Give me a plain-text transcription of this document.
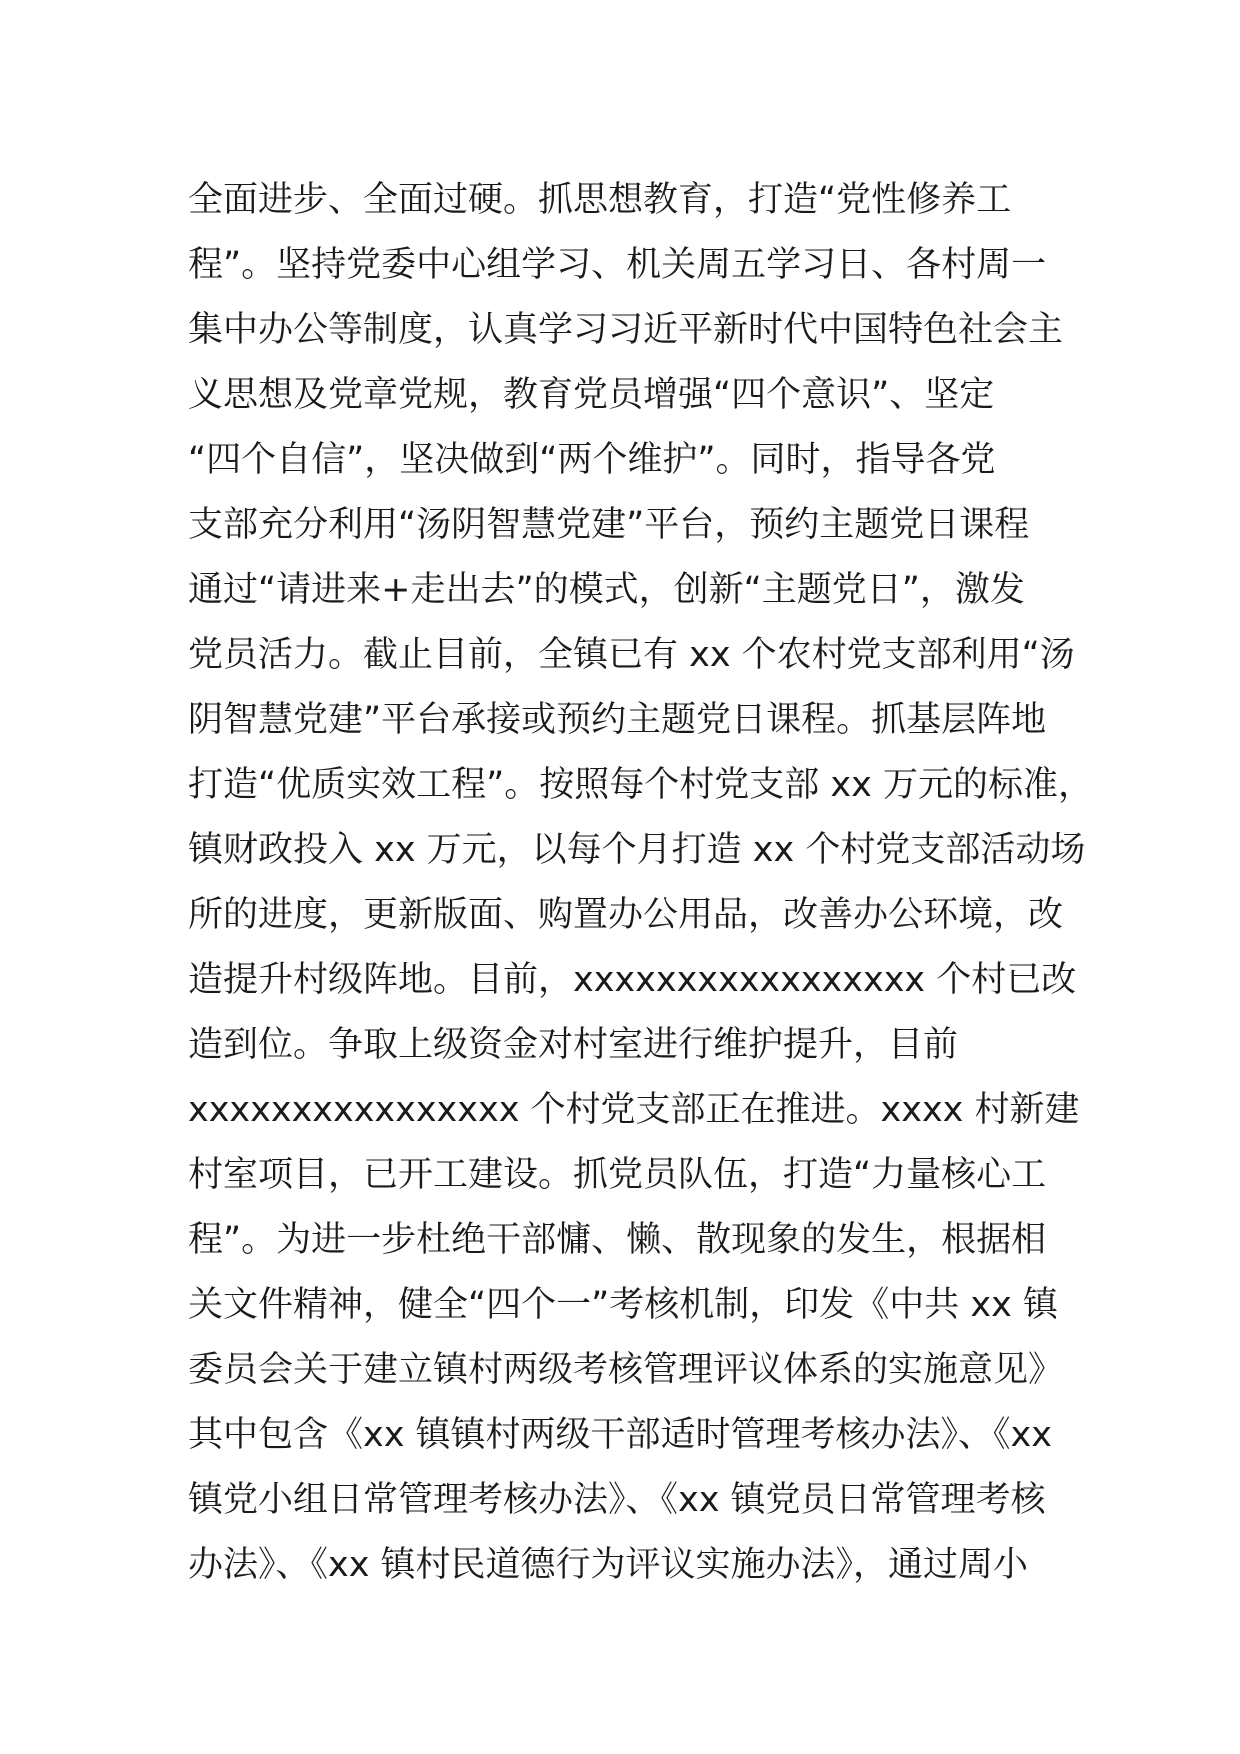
全面进步、全面过硬。抓思想教育，打造“党性修养工
程”。坚持党委中心组学习、机关周五学习日、各村周一
集中办公等制度，认真学习习近平新时代中国特色社会主
义思想及党章党规，教育党员增强“四个意识”、坚定
“四个自信”，坚决做到“两个维护”。同时，指导各党
支部充分利用“汤阴智慧党建”平台，预约主题党日课程
通过“请进来+走出去”的模式，创新“主题党日”，激发
党员活力。截止目前，全镇已有 xx 个农村党支部利用“汤
阴智慧党建”平台承接或预约主题党日课程。抓基层阵地
打造“优质实效工程”。按照每个村党支部 xx 万元的标准，
镇财政投入 xx 万元，以每个月打造 xx 个村党支部活动场
所的进度，更新版面、购置办公用品，改善办公环境，改
造提升村级阵地。目前，xxxxxxxxxxxxxxxxx 个村已改
造到位。争取上级资金对村室进行维护提升，目前
xxxxxxxxxxxxxxxx 个村党支部正在推进。xxxx 村新建
村室项目，已开工建设。抓党员队伍，打造“力量核心工
程”。为进一步杜绝干部慵、懒、散现象的发生，根据相
关文件精神，健全“四个一”考核机制，印发《中共 xx 镇
委员会关于建立镇村两级考核管理评议体系的实施意见》
其中包含《xx 镇镇村两级干部适时管理考核办法》、《xx
镇党小组日常管理考核办法》、《xx 镇党员日常管理考核
办法》、《xx 镇村民道德行为评议实施办法》，通过周小
